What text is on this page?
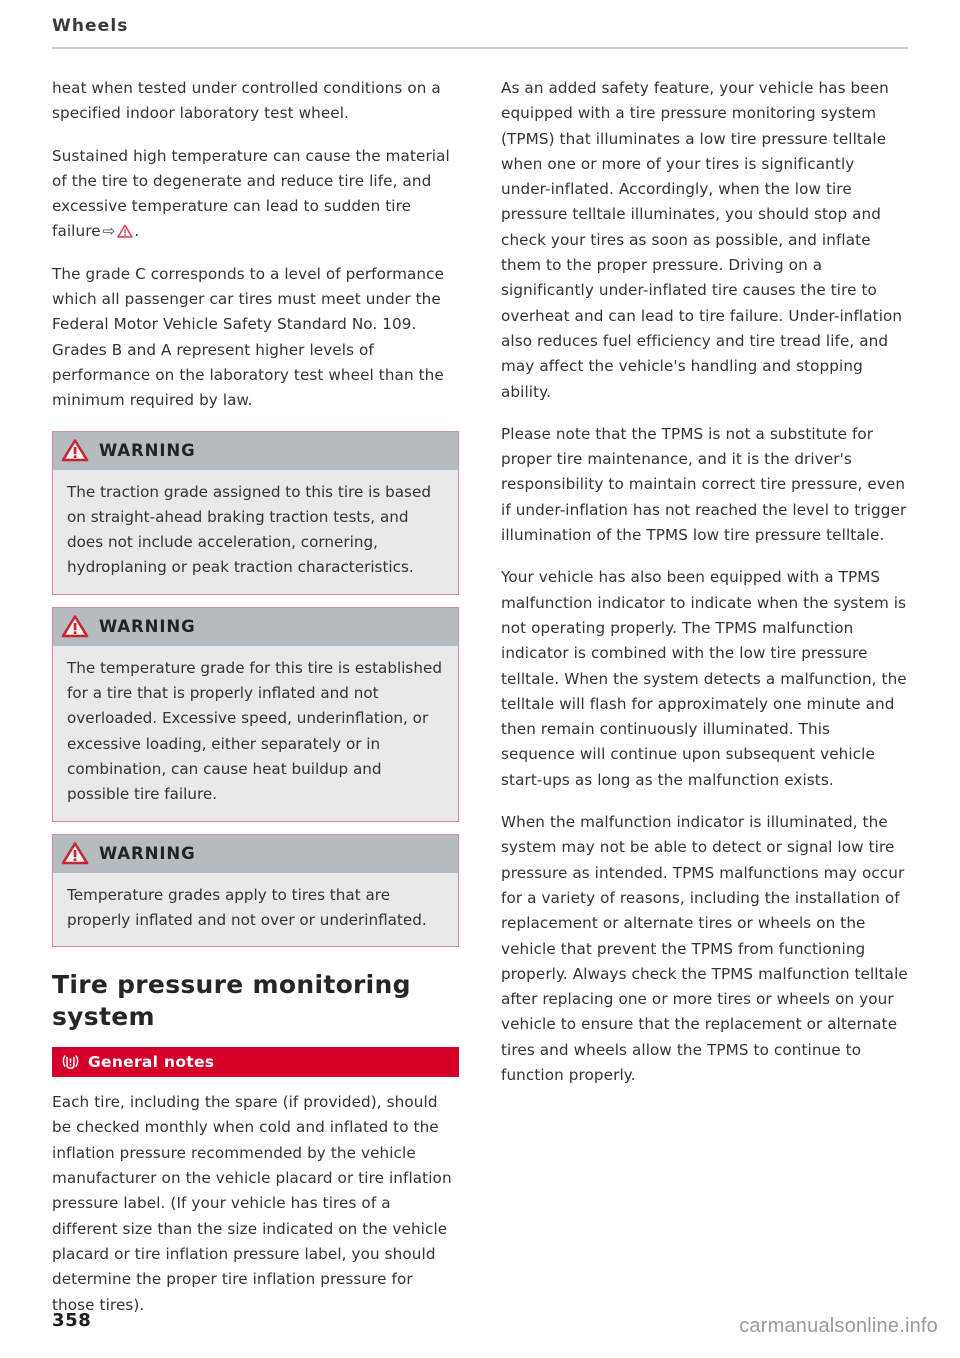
Wheels

heat when tested under controlled conditions on a specified indoor laboratory test wheel.

Sustained high temperature can cause the material of the tire to degenerate and reduce tire life, and excessive temperature can lead to sudden tire failure ⇨ .

The grade C corresponds to a level of performance which all passenger car tires must meet under the Federal Motor Vehicle Safety Standard No. 109. Grades B and A represent higher levels of performance on the laboratory test wheel than the minimum required by law.

WARNING

The traction grade assigned to this tire is based on straight-ahead braking traction tests, and does not include acceleration, cornering, hydroplaning or peak traction characteristics.

WARNING

The temperature grade for this tire is established for a tire that is properly inflated and not overloaded. Excessive speed, underinflation, or excessive loading, either separately or in combination, can cause heat buildup and possible tire failure.

WARNING

Temperature grades apply to tires that are properly inflated and not over or underinflated.

Tire pressure monitoring system
General notes

Each tire, including the spare (if provided), should be checked monthly when cold and inflated to the inflation pressure recommended by the vehicle manufacturer on the vehicle placard or tire inflation pressure label. (If your vehicle has tires of a different size than the size indicated on the vehicle placard or tire inflation pressure label, you should determine the proper tire inflation pressure for those tires).

As an added safety feature, your vehicle has been equipped with a tire pressure monitoring system (TPMS) that illuminates a low tire pressure telltale when one or more of your tires is significantly under-inflated. Accordingly, when the low tire pressure telltale illuminates, you should stop and check your tires as soon as possible, and inflate them to the proper pressure. Driving on a significantly under-inflated tire causes the tire to overheat and can lead to tire failure. Under-inflation also reduces fuel efficiency and tire tread life, and may affect the vehicle's handling and stopping ability.

Please note that the TPMS is not a substitute for proper tire maintenance, and it is the driver's responsibility to maintain correct tire pressure, even if under-inflation has not reached the level to trigger illumination of the TPMS low tire pressure telltale.

Your vehicle has also been equipped with a TPMS malfunction indicator to indicate when the system is not operating properly. The TPMS malfunction indicator is combined with the low tire pressure telltale. When the system detects a malfunction, the telltale will flash for approximately one minute and then remain continuously illuminated. This sequence will continue upon subsequent vehicle start-ups as long as the malfunction exists.

When the malfunction indicator is illuminated, the system may not be able to detect or signal low tire pressure as intended. TPMS malfunctions may occur for a variety of reasons, including the installation of replacement or alternate tires or wheels on the vehicle that prevent the TPMS from functioning properly. Always check the TPMS malfunction telltale after replacing one or more tires or wheels on your vehicle to ensure that the replacement or alternate tires and wheels allow the TPMS to continue to function properly.

358	carmanualsonline.info
